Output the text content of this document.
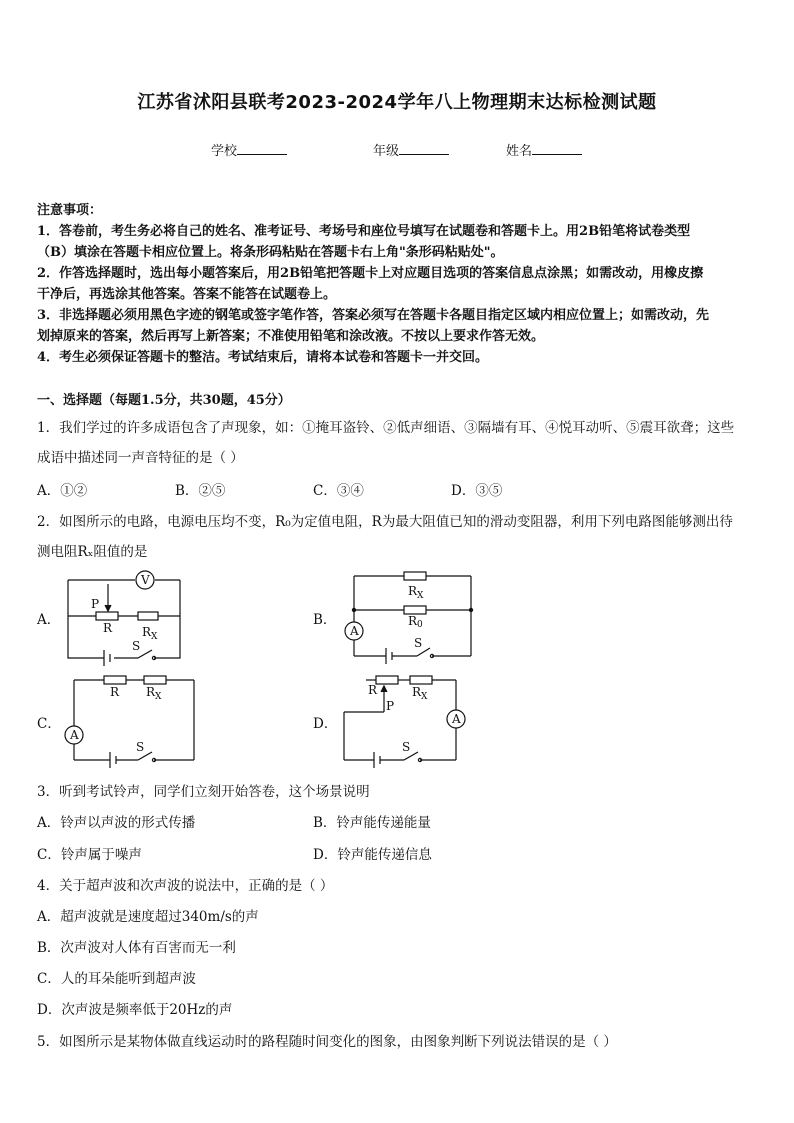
江苏省沭阳县联考2023-2024学年八上物理期末达标检测试题
学校	年级	姓名
注意事项：
1．答卷前，考生务必将自己的姓名、准考证号、考场号和座位号填写在试题卷和答题卡上。用2B铅笔将试卷类型
（B）填涂在答题卡相应位置上。将条形码粘贴在答题卡右上角"条形码粘贴处"。
2．作答选择题时，选出每小题答案后，用2B铅笔把答题卡上对应题目选项的答案信息点涂黑；如需改动，用橡皮擦
干净后，再选涂其他答案。答案不能答在试题卷上。
3．非选择题必须用黑色字迹的钢笔或签字笔作答，答案必须写在答题卡各题目指定区域内相应位置上；如需改动，先
划掉原来的答案，然后再写上新答案；不准使用铅笔和涂改液。不按以上要求作答无效。
4．考生必须保证答题卡的整洁。考试结束后，请将本试卷和答题卡一并交回。
一、选择题（每题1.5分，共30题，45分）
1．我们学过的许多成语包含了声现象，如：①掩耳盗铃、②低声细语、③隔墙有耳、④悦耳动听、⑤震耳欲聋；这些
成语中描述同一声音特征的是（ ）
A．①②	B．②⑤	C．③④	D．③⑤
2．如图所示的电路，电源电压均不变，R₀为定值电阻，R为最大阻值已知的滑动变阻器，利用下列电路图能够测出待
测电阻Rₓ阻值的是
A．	B．
C．	D．
V
P
R $R_X$
S
A
$R_X$
R0
S
A
R $R_X$
S
A
R
P
$R_X$
S
3．听到考试铃声，同学们立刻开始答卷，这个场景说明
A．铃声以声波的形式传播	B．铃声能传递能量
C．铃声属于噪声	D．铃声能传递信息
4．关于超声波和次声波的说法中，正确的是（ ）
A．超声波就是速度超过340m/s的声
B．次声波对人体有百害而无一利
C．人的耳朵能听到超声波
D．次声波是频率低于20Hz的声
5．如图所示是某物体做直线运动时的路程随时间变化的图象，由图象判断下列说法错误的是（ ）
